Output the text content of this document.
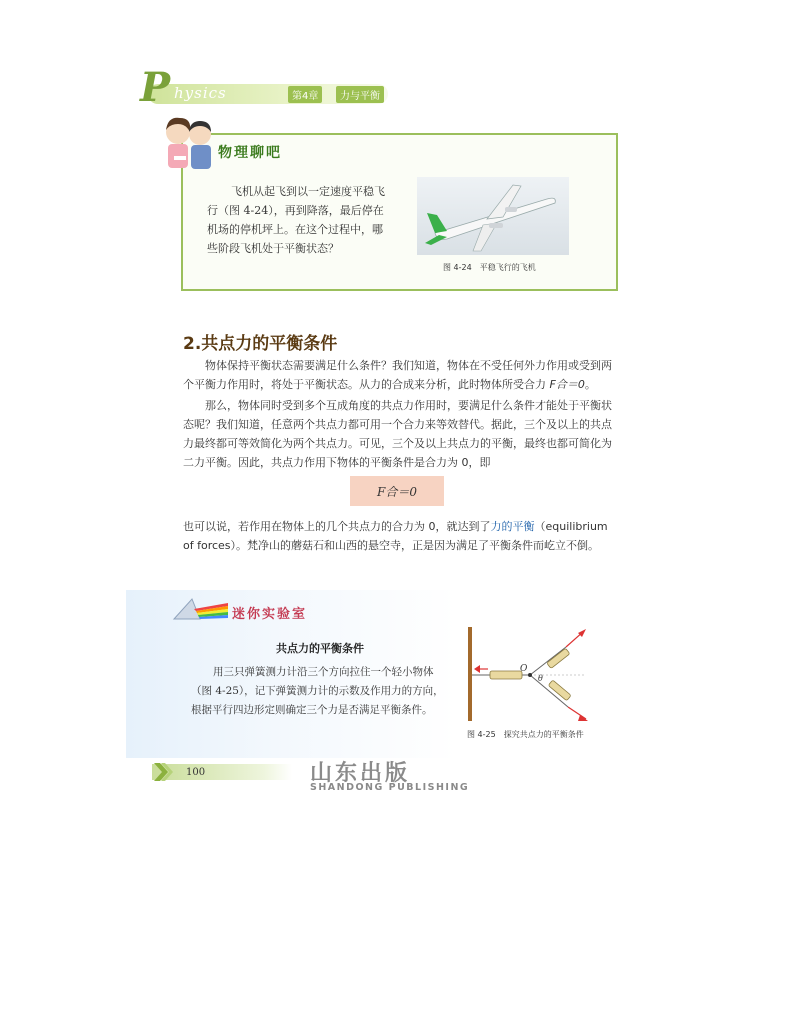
P hysics	第4章	力与平衡
物理聊吧
飞机从起飞到以一定速度平稳飞行（图 4-24），再到降落，最后停在机场的停机坪上。在这个过程中，哪些阶段飞机处于平衡状态？
图 4-24　平稳飞行的飞机
2.共点力的平衡条件
物体保持平衡状态需要满足什么条件？我们知道，物体在不受任何外力作用或受到两个平衡力作用时，将处于平衡状态。从力的合成来分析，此时物体所受合力 F合＝0。
那么，物体同时受到多个互成角度的共点力作用时，要满足什么条件才能处于平衡状态呢？我们知道，任意两个共点力都可用一个合力来等效替代。据此，三个及以上的共点力最终都可等效简化为两个共点力。可见，三个及以上共点力的平衡，最终也都可简化为二力平衡。因此，共点力作用下物体的平衡条件是合力为 0，即
F合＝0
也可以说，若作用在物体上的几个共点力的合力为 0，就达到了力的平衡（equilibrium of forces）。梵净山的蘑菇石和山西的悬空寺，正是因为满足了平衡条件而屹立不倒。
迷你实验室
共点力的平衡条件
用三只弹簧测力计沿三个方向拉住一个轻小物体（图 4-25），记下弹簧测力计的示数及作用力的方向，根据平行四边形定则确定三个力是否满足平衡条件。
O
θ
图 4-25　探究共点力的平衡条件
100	山东出版
SHANDONG PUBLISHING
